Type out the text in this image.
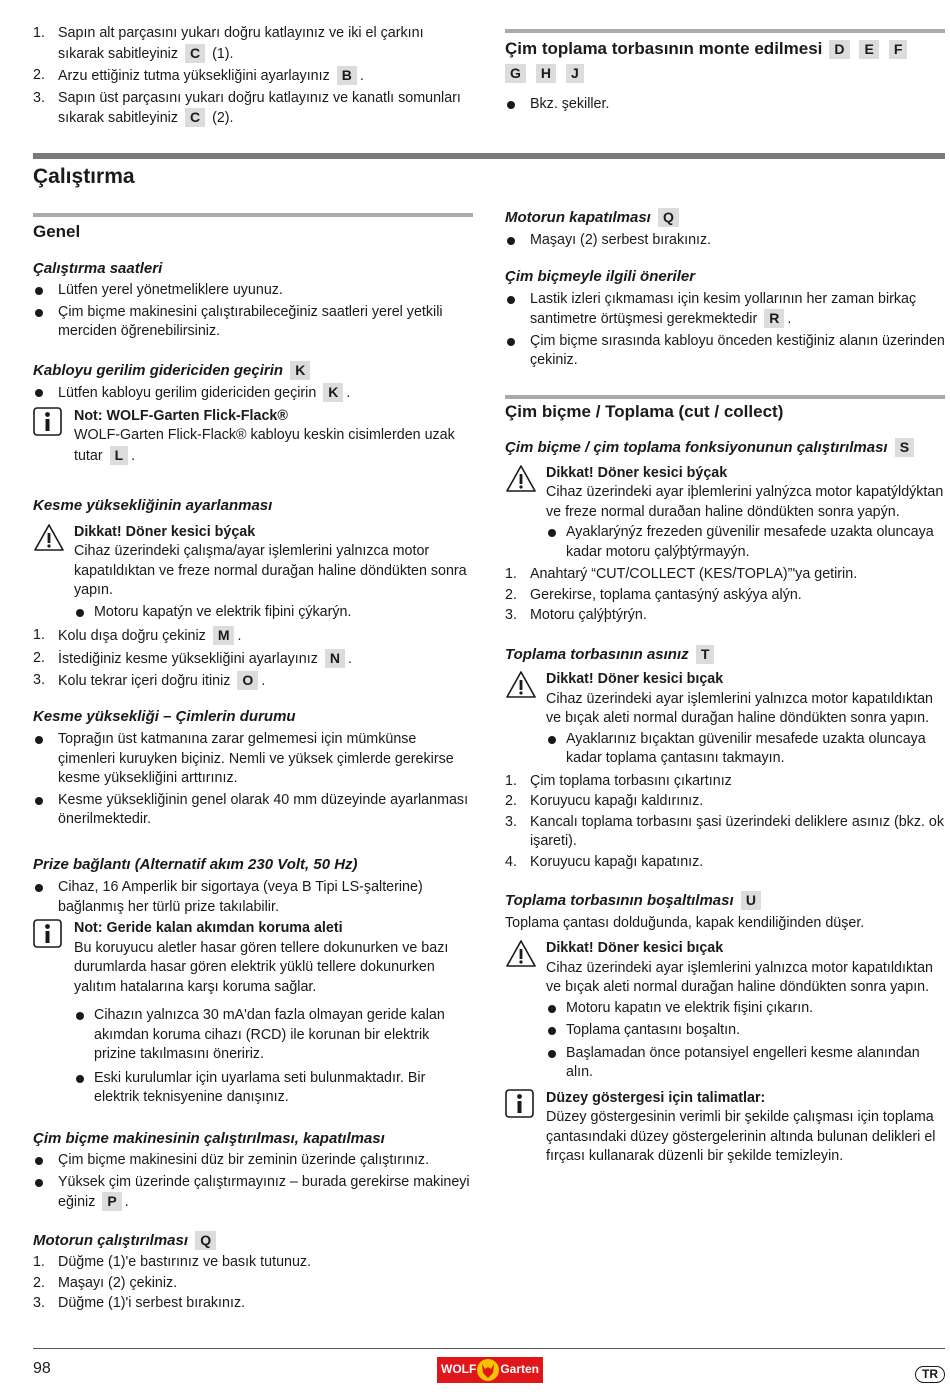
1. Sapın alt parçasını yukarı doğru katlayınız ve iki el çarkını sıkarak sabitleyiniz C (1).
2. Arzu ettiğiniz tutma yüksekliğini ayarlayınız B .
3. Sapın üst parçasını yukarı doğru katlayınız ve kanatlı somunları sıkarak sabitleyiniz C (2).
Çim toplama torbasının monte edilmesi D E F
G H J
Bkz. şekiller.
Çalıştırma
Genel
Çalıştırma saatleri
Lütfen yerel yönetmeliklere uyunuz.
Çim biçme makinesini çalıştırabileceğiniz saatleri yerel yetkili merciden öğrenebilirsiniz.
Kabloyu gerilim gidericiden geçirin K
Lütfen kabloyu gerilim gidericiden geçirin K .
Not: WOLF-Garten Flick-Flack®
WOLF-Garten Flick-Flack® kabloyu keskin cisimlerden uzak tutar L .
Kesme yüksekliğinin ayarlanması
Dikkat! Döner kesici býçak
Cihaz üzerindeki çalışma/ayar işlemlerini yalnızca motor kapatıldıktan ve freze normal durağan haline döndükten sonra yapın.
Motoru kapatýn ve elektrik fiþini çýkarýn.
1. Kolu dışa doğru çekiniz M .
2. İstediğiniz kesme yüksekliğini ayarlayınız N .
3. Kolu tekrar içeri doğru itiniz O .
Kesme yüksekliği – Çimlerin durumu
Toprağın üst katmanına zarar gelmemesi için mümkünse çimenleri kuruyken biçiniz. Nemli ve yüksek çimlerde gerekirse kesme yüksekliğini arttırınız.
Kesme yüksekliğinin genel olarak 40 mm düzeyinde ayarlanması önerilmektedir.
Prize bağlantı (Alternatif akım 230 Volt, 50 Hz)
Cihaz, 16 Amperlik bir sigortaya (veya B Tipi LS-şalterine) bağlanmış her türlü prize takılabilir.
Not: Geride kalan akımdan koruma aleti
Bu koruyucu aletler hasar gören tellere dokunurken ve bazı durumlarda hasar gören elektrik yüklü tellere dokunurken yalıtım hatalarına karşı koruma sağlar.
Cihazın yalnızca 30 mA'dan fazla olmayan geride kalan akımdan koruma cihazı (RCD) ile korunan bir elektrik prizine takılmasını öneririz.
Eski kurulumlar için uyarlama seti bulunmaktadır. Bir elektrik teknisyenine danışınız.
Çim biçme makinesinin çalıştırılması, kapatılması
Çim biçme makinesini düz bir zeminin üzerinde çalıştırınız.
Yüksek çim üzerinde çalıştırmayınız – burada gerekirse makineyi eğiniz P .
Motorun çalıştırılması Q
1. Düğme (1)'e bastırınız ve basık tutunuz.
2. Maşayı (2) çekiniz.
3. Düğme (1)'i serbest bırakınız.
Motorun kapatılması Q
Maşayı (2) serbest bırakınız.
Çim biçmeyle ilgili öneriler
Lastik izleri çıkmaması için kesim yollarının her zaman birkaç santimetre örtüşmesi gerekmektedir R .
Çim biçme sırasında kabloyu önceden kestiğiniz alanın üzerinden çekiniz.
Çim biçme / Toplama (cut / collect)
Çim biçme / çim toplama fonksiyonunun çalıştırılması S
Dikkat! Döner kesici býçak
Cihaz üzerindeki ayar iþlemlerini yalnýzca motor kapatýldýktan ve freze normal duraðan haline döndükten sonra yapýn.
Ayaklarýnýz frezeden güvenilir mesafede uzakta oluncaya kadar motoru çalýþtýrmayýn.
1. Anahtarý “CUT/COLLECT (KES/TOPLA)”'ya getirin.
2. Gerekirse, toplama çantasýný askýya alýn.
3. Motoru çalýþtýrýn.
Toplama torbasının asınız T
Dikkat! Döner kesici bıçak
Cihaz üzerindeki ayar işlemlerini yalnızca motor kapatıldıktan ve bıçak aleti normal durağan haline döndükten sonra yapın.
Ayaklarınız bıçaktan güvenilir mesafede uzakta oluncaya kadar toplama çantasını takmayın.
1. Çim toplama torbasını çıkartınız
2. Koruyucu kapağı kaldırınız.
3. Kancalı toplama torbasını şasi üzerindeki deliklere asınız (bkz. ok işareti).
4. Koruyucu kapağı kapatınız.
Toplama torbasının boşaltılması U

Toplama çantası dolduğunda, kapak kendiliğinden düşer.

Dikkat! Döner kesici bıçak
Cihaz üzerindeki ayar işlemlerini yalnızca motor kapatıldıktan ve bıçak aleti normal durağan haline döndükten sonra yapın.
Motoru kapatın ve elektrik fişini çıkarın.
Toplama çantasını boşaltın.
Başlamadan önce potansiyel engelleri kesme alanından alın.
Düzey göstergesi için talimatlar:
Düzey göstergesinin verimli bir şekilde çalışması için toplama çantasındaki düzey göstergelerinin altında bulunan delikleri el fırçası kullanarak düzenli bir şekilde temizleyin.
98	WOLF Garten	TR
